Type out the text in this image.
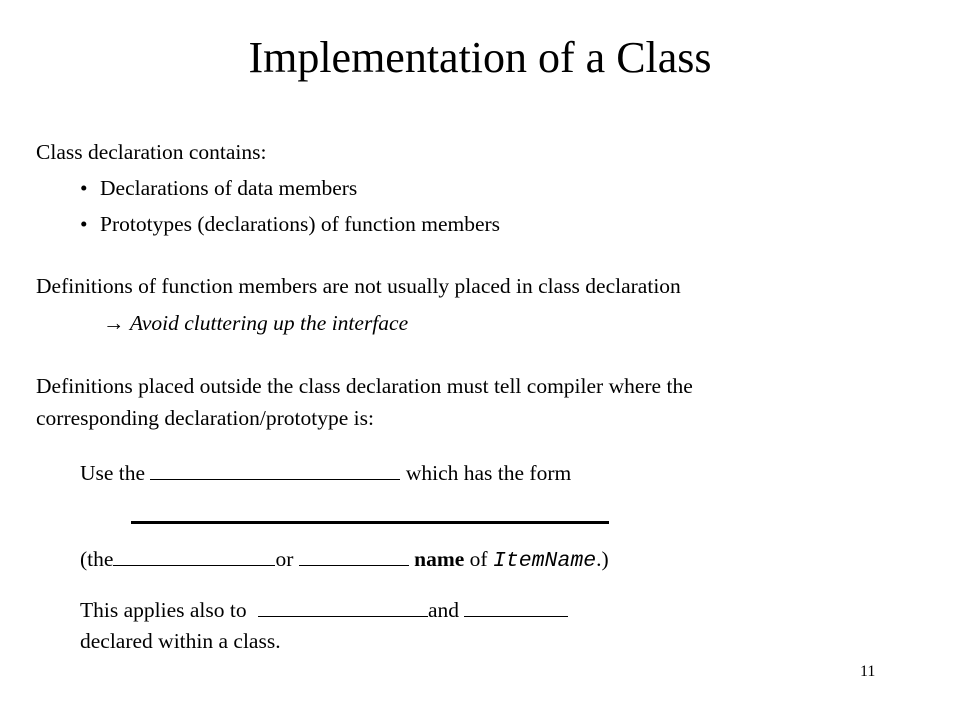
Implementation of a Class
Class declaration contains:
• Declarations of data members
• Prototypes (declarations) of function members
Definitions of function members are not usually placed in class declaration
→ Avoid cluttering up the interface
Definitions placed outside the class declaration must tell compiler where the
corresponding declaration/prototype is:
Use the	which has the form
(the	or	name of ItemName.)
This applies also to	and
declared within a class.
11
